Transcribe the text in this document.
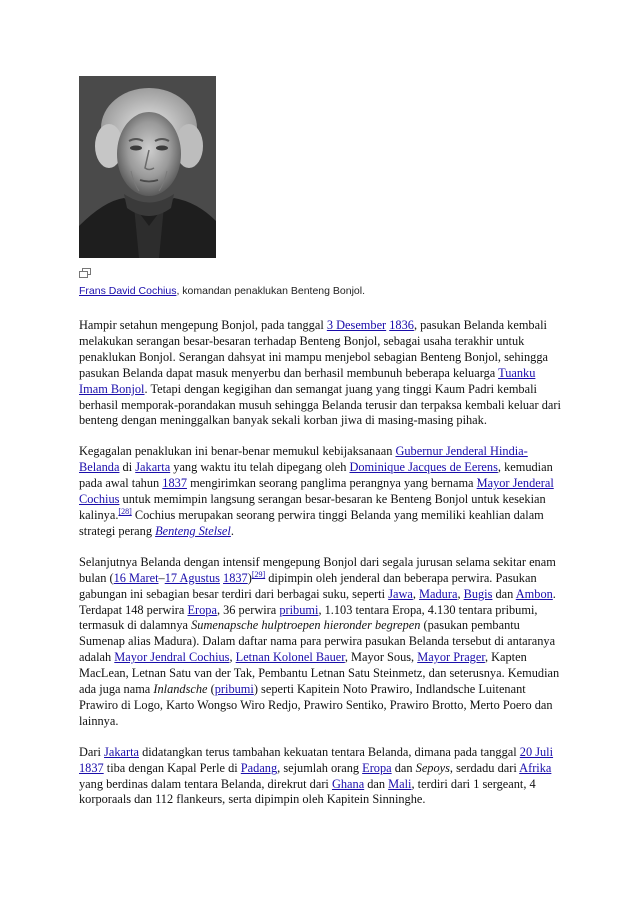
Frans David Cochius, komandan penaklukan Benteng Bonjol.

Hampir setahun mengepung Bonjol, pada tanggal 3 Desember 1836, pasukan Belanda kembali melakukan serangan besar-besaran terhadap Benteng Bonjol, sebagai usaha terakhir untuk penaklukan Bonjol. Serangan dahsyat ini mampu menjebol sebagian Benteng Bonjol, sehingga pasukan Belanda dapat masuk menyerbu dan berhasil membunuh beberapa keluarga Tuanku Imam Bonjol. Tetapi dengan kegigihan dan semangat juang yang tinggi Kaum Padri kembali berhasil memporak-porandakan musuh sehingga Belanda terusir dan terpaksa kembali keluar dari benteng dengan meninggalkan banyak sekali korban jiwa di masing-masing pihak.

Kegagalan penaklukan ini benar-benar memukul kebijaksanaan Gubernur Jenderal Hindia-Belanda di Jakarta yang waktu itu telah dipegang oleh Dominique Jacques de Eerens, kemudian pada awal tahun 1837 mengirimkan seorang panglima perangnya yang bernama Mayor Jenderal Cochius untuk memimpin langsung serangan besar-besaran ke Benteng Bonjol untuk kesekian kalinya.[28] Cochius merupakan seorang perwira tinggi Belanda yang memiliki keahlian dalam strategi perang Benteng Stelsel.

Selanjutnya Belanda dengan intensif mengepung Bonjol dari segala jurusan selama sekitar enam bulan (16 Maret–17 Agustus 1837)[29] dipimpin oleh jenderal dan beberapa perwira. Pasukan gabungan ini sebagian besar terdiri dari berbagai suku, seperti Jawa, Madura, Bugis dan Ambon. Terdapat 148 perwira Eropa, 36 perwira pribumi, 1.103 tentara Eropa, 4.130 tentara pribumi, termasuk di dalamnya Sumenapsche hulptroepen hieronder begrepen (pasukan pembantu Sumenap alias Madura). Dalam daftar nama para perwira pasukan Belanda tersebut di antaranya adalah Mayor Jendral Cochius, Letnan Kolonel Bauer, Mayor Sous, Mayor Prager, Kapten MacLean, Letnan Satu van der Tak, Pembantu Letnan Satu Steinmetz, dan seterusnya. Kemudian ada juga nama Inlandsche (pribumi) seperti Kapitein Noto Prawiro, Indlandsche Luitenant Prawiro di Logo, Karto Wongso Wiro Redjo, Prawiro Sentiko, Prawiro Brotto, Merto Poero dan lainnya.

Dari Jakarta didatangkan terus tambahan kekuatan tentara Belanda, dimana pada tanggal 20 Juli 1837 tiba dengan Kapal Perle di Padang, sejumlah orang Eropa dan Sepoys, serdadu dari Afrika yang berdinas dalam tentara Belanda, direkrut dari Ghana dan Mali, terdiri dari 1 sergeant, 4 korporaals dan 112 flankeurs, serta dipimpin oleh Kapitein Sinninghe.
